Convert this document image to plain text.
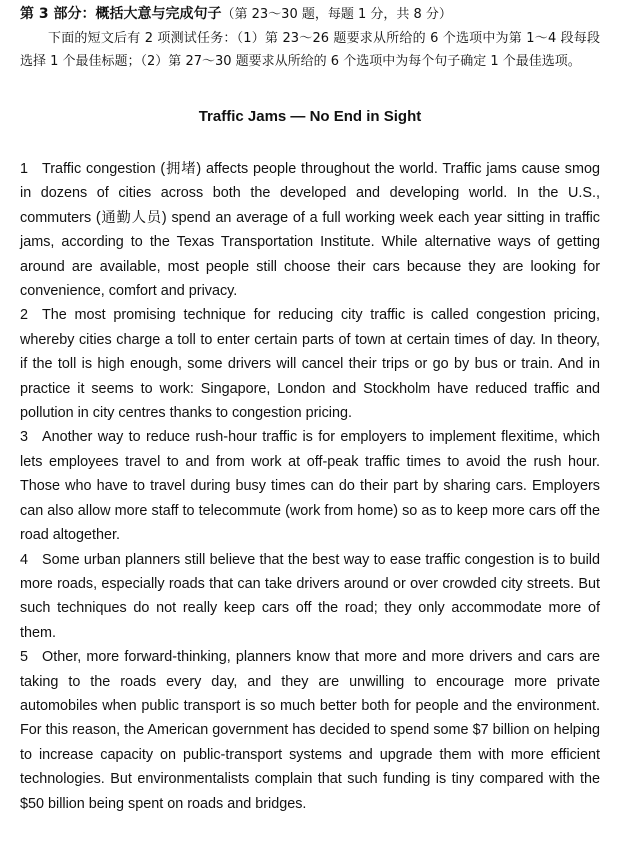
第 3 部分：概括大意与完成句子（第 23～30 题，每题 1 分，共 8 分）

下面的短文后有 2 项测试任务：（1）第 23～26 题要求从所给的 6 个选项中为第 1～4 段每段选择 1 个最佳标题；（2）第 27～30 题要求从所给的 6 个选项中为每个句子确定 1 个最佳选项。

Traffic Jams — No End in Sight

1 Traffic congestion (拥堵) affects people throughout the world. Traffic jams cause smog in dozens of cities across both the developed and developing world. In the U.S., commuters (通勤人员) spend an average of a full working week each year sitting in traffic jams, according to the Texas Transportation Institute. While alternative ways of getting around are available, most people still choose their cars because they are looking for convenience, comfort and privacy.

2 The most promising technique for reducing city traffic is called congestion pricing, whereby cities charge a toll to enter certain parts of town at certain times of day. In theory, if the toll is high enough, some drivers will cancel their trips or go by bus or train. And in practice it seems to work: Singapore, London and Stockholm have reduced traffic and pollution in city centres thanks to congestion pricing.

3 Another way to reduce rush-hour traffic is for employers to implement flexitime, which lets employees travel to and from work at off-peak traffic times to avoid the rush hour. Those who have to travel during busy times can do their part by sharing cars. Employers can also allow more staff to telecommute (work from home) so as to keep more cars off the road altogether.

4 Some urban planners still believe that the best way to ease traffic congestion is to build more roads, especially roads that can take drivers around or over crowded city streets. But such techniques do not really keep cars off the road; they only accommodate more of them.

5 Other, more forward-thinking, planners know that more and more drivers and cars are taking to the roads every day, and they are unwilling to encourage more private automobiles when public transport is so much better both for people and the environment. For this reason, the American government has decided to spend some $7 billion on helping to increase capacity on public-transport systems and upgrade them with more efficient technologies. But environmentalists complain that such funding is tiny compared with the $50 billion being spent on roads and bridges.
